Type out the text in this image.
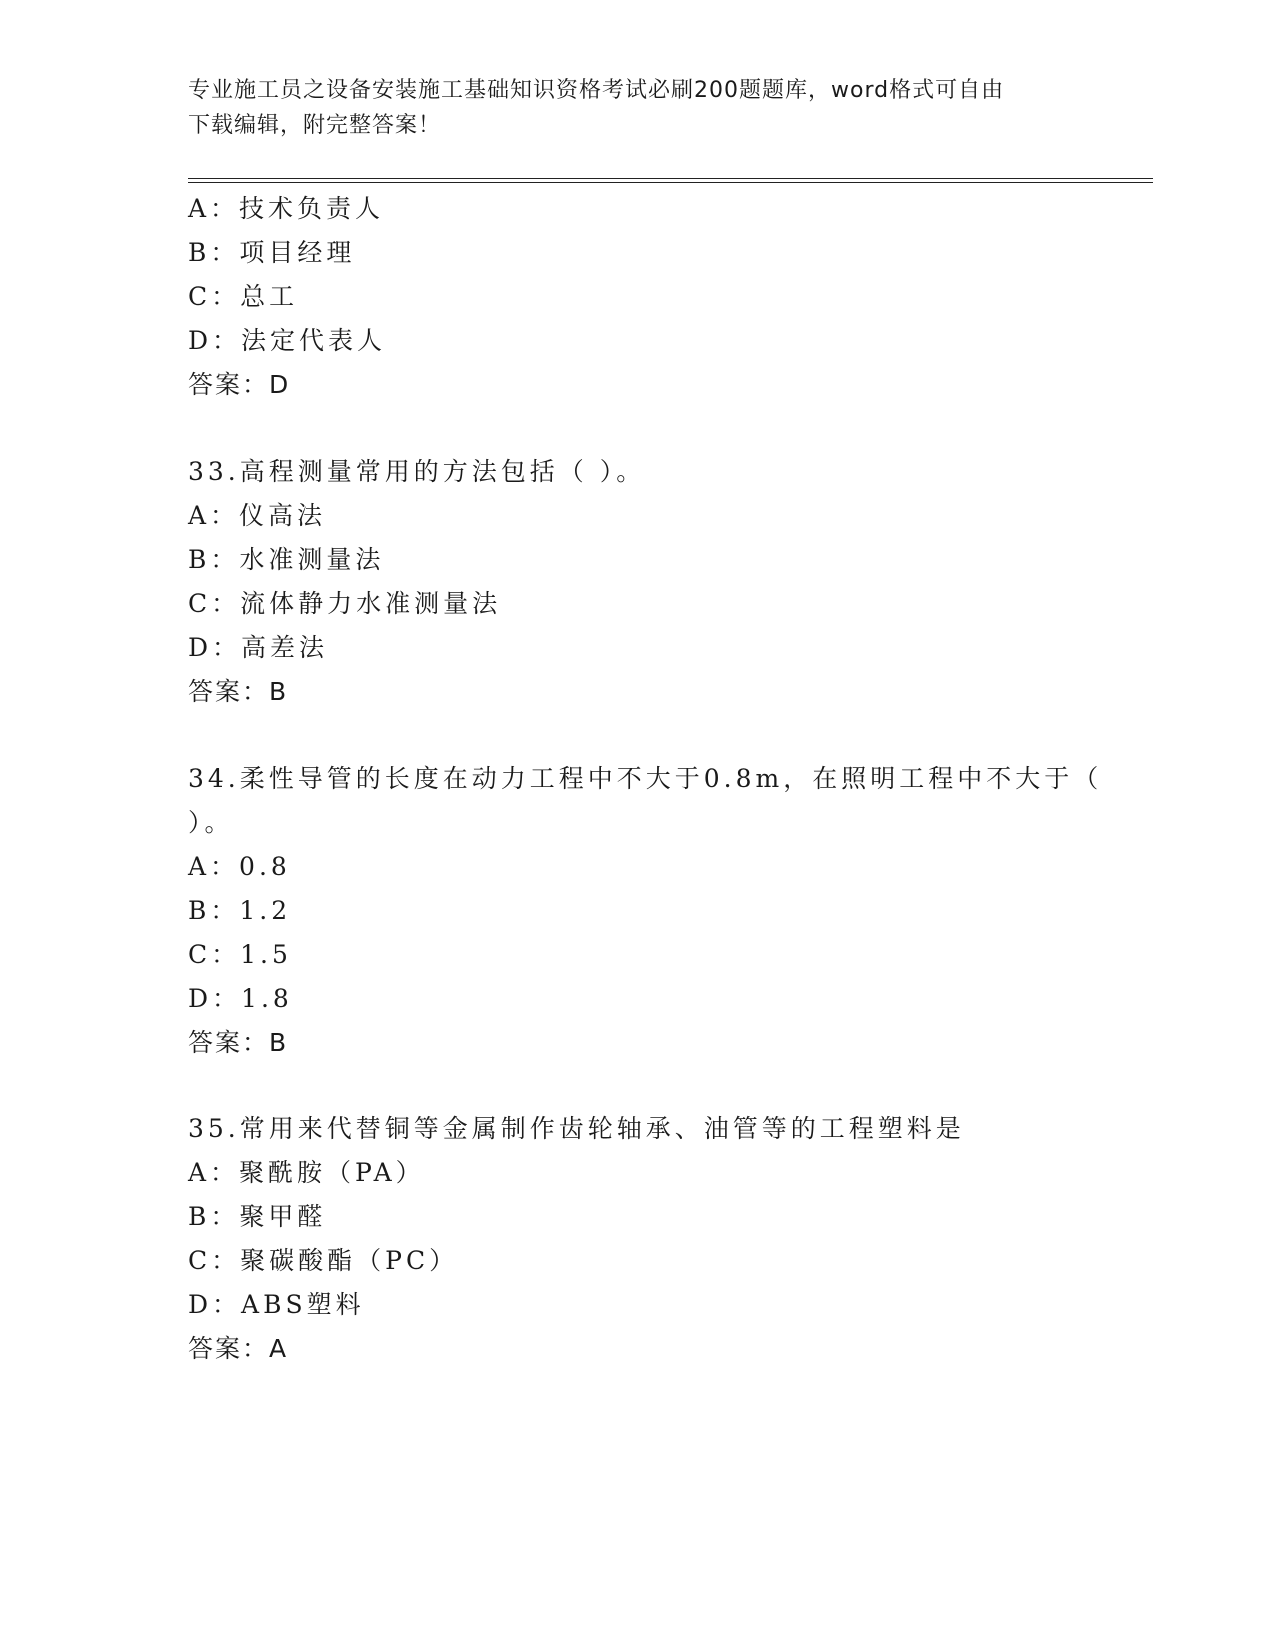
专业施工员之设备安装施工基础知识资格考试必刷200题题库，word格式可自由
下载编辑，附完整答案！
A：技术负责人
B：项目经理
C：总工
D：法定代表人
答案：D
33.高程测量常用的方法包括（ ）。
A：仪高法
B：水准测量法
C：流体静力水准测量法
D：高差法
答案：B
34.柔性导管的长度在动力工程中不大于0.8m，在照明工程中不大于（
）。
A：0.8
B：1.2
C：1.5
D：1.8
答案：B
35.常用来代替铜等金属制作齿轮轴承、油管等的工程塑料是
A：聚酰胺（PA）
B：聚甲醛
C：聚碳酸酯（PC）
D：ABS塑料
答案：A
